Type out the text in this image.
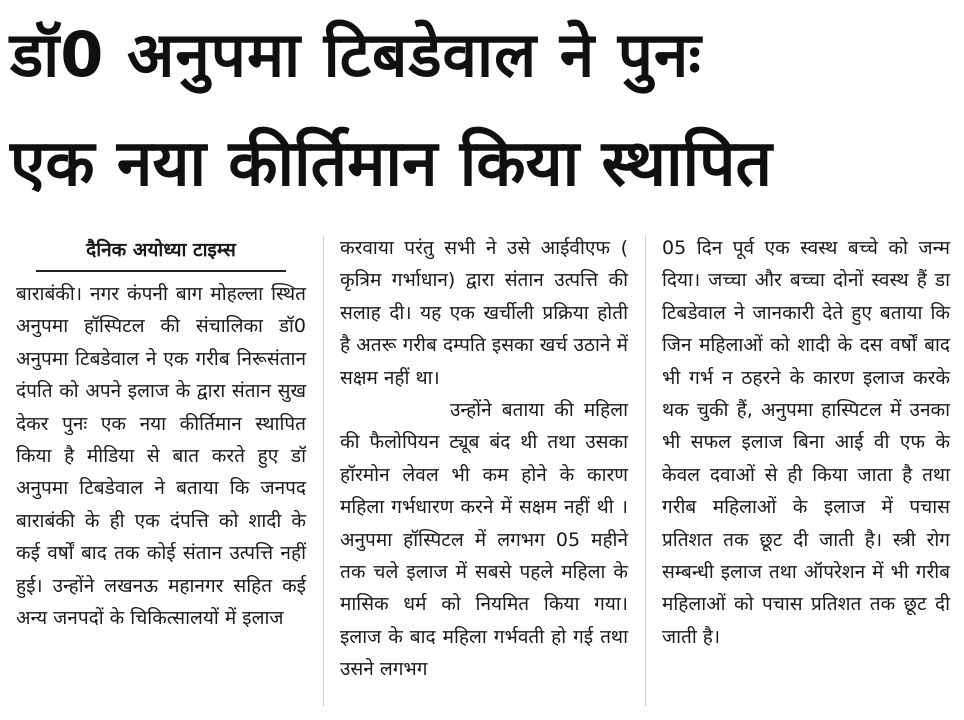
डॉ0 अनुपमा टिबडेवाल ने पुनः
एक नया कीर्तिमान किया स्थापित
दैनिक अयोध्या टाइम्स

बाराबंकी। नगर कंपनी बाग मोहल्ला स्थित अनुपमा हॉस्पिटल की संचालिका डॉ0 अनुपमा टिबडेवाल ने एक गरीब निरूसंतान दंपति को अपने इलाज के द्वारा संतान सुख देकर पुनः एक नया कीर्तिमान स्थापित किया है मीडिया से बात करते हुए डॉ अनुपमा टिबडेवाल ने बताया कि जनपद बाराबंकी के ही एक दंपत्ति को शादी के कई वर्षों बाद तक कोई संतान उत्पत्ति नहीं हुई। उन्होंने लखनऊ महानगर सहित कई अन्य जनपदों के चिकित्सालयों में इलाज

करवाया परंतु सभी ने उसे आईवीएफ ( कृत्रिम गर्भाधान) द्वारा संतान उत्पत्ति की सलाह दी। यह एक खर्चीली प्रक्रिया होती है अतरू गरीब दम्पति इसका खर्च उठाने में सक्षम नहीं था।

उन्होंने बताया की महिला की फैलोपियन ट्यूब बंद थी तथा उसका हॉरमोन लेवल भी कम होने के कारण महिला गर्भधारण करने में सक्षम नहीं थी । अनुपमा हॉस्पिटल में लगभग 05 महीने तक चले इलाज में सबसे पहले महिला के मासिक धर्म को नियमित किया गया। इलाज के बाद महिला गर्भवती हो गई तथा उसने लगभग

05 दिन पूर्व एक स्वस्थ बच्चे को जन्म दिया। जच्चा और बच्चा दोनों स्वस्थ हैं डा टिबडेवाल ने जानकारी देते हुए बताया कि जिन महिलाओं को शादी के दस वर्षों बाद भी गर्भ न ठहरने के कारण इलाज करके थक चुकी हैं, अनुपमा हास्पिटल में उनका भी सफल इलाज बिना आई वी एफ के केवल दवाओं से ही किया जाता है तथा गरीब महिलाओं के इलाज में पचास प्रतिशत तक छूट दी जाती है। स्त्री रोग सम्बन्धी इलाज तथा ऑपरेशन में भी गरीब महिलाओं को पचास प्रतिशत तक छूट दी जाती है।
